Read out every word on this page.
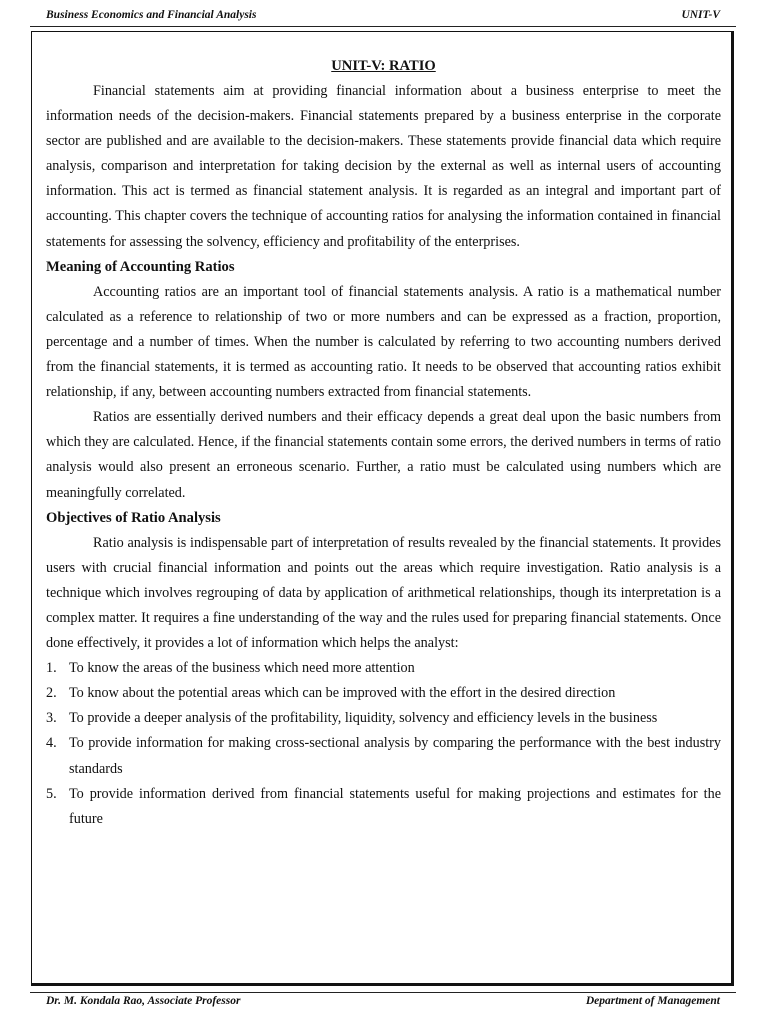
Business Economics and Financial Analysis	UNIT-V
UNIT-V: RATIO

Financial statements aim at providing financial information about a business enterprise to meet the information needs of the decision-makers. Financial statements prepared by a business enterprise in the corporate sector are published and are available to the decision-makers. These statements provide financial data which require analysis, comparison and interpretation for taking decision by the external as well as internal users of accounting information. This act is termed as financial statement analysis. It is regarded as an integral and important part of accounting. This chapter covers the technique of accounting ratios for analysing the information contained in financial statements for assessing the solvency, efficiency and profitability of the enterprises.

Meaning of Accounting Ratios

Accounting ratios are an important tool of financial statements analysis. A ratio is a mathematical number calculated as a reference to relationship of two or more numbers and can be expressed as a fraction, proportion, percentage and a number of times. When the number is calculated by referring to two accounting numbers derived from the financial statements, it is termed as accounting ratio. It needs to be observed that accounting ratios exhibit relationship, if any, between accounting numbers extracted from financial statements.

Ratios are essentially derived numbers and their efficacy depends a great deal upon the basic numbers from which they are calculated. Hence, if the financial statements contain some errors, the derived numbers in terms of ratio analysis would also present an erroneous scenario. Further, a ratio must be calculated using numbers which are meaningfully correlated.

Objectives of Ratio Analysis

Ratio analysis is indispensable part of interpretation of results revealed by the financial statements. It provides users with crucial financial information and points out the areas which require investigation. Ratio analysis is a technique which involves regrouping of data by application of arithmetical relationships, though its interpretation is a complex matter. It requires a fine understanding of the way and the rules used for preparing financial statements. Once done effectively, it provides a lot of information which helps the analyst:

1. To know the areas of the business which need more attention
2. To know about the potential areas which can be improved with the effort in the desired direction
3. To provide a deeper analysis of the profitability, liquidity, solvency and efficiency levels in the business
4. To provide information for making cross-sectional analysis by comparing the performance with the best industry standards
5. To provide information derived from financial statements useful for making projections and estimates for the future
Dr. M. Kondala Rao, Associate Professor	Department of Management
